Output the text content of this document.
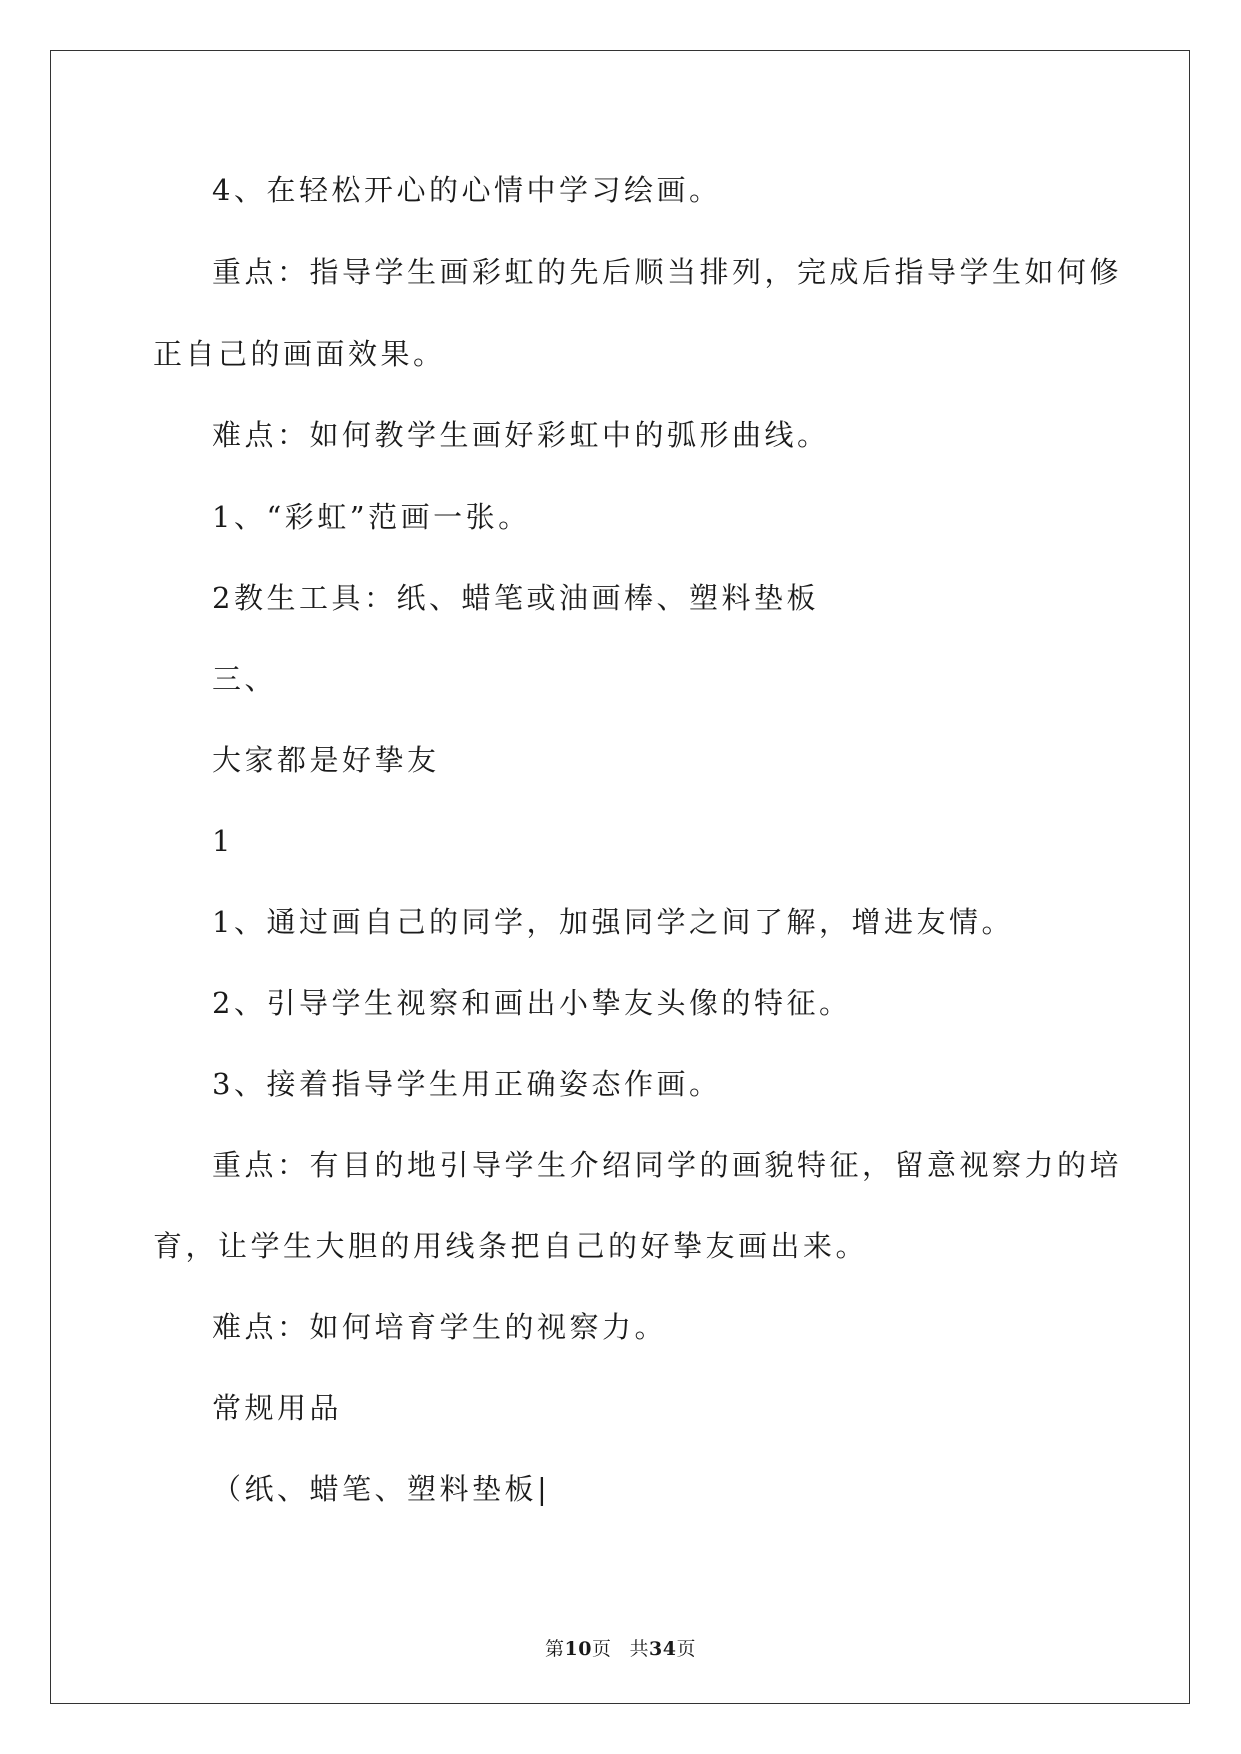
4、在轻松开心的心情中学习绘画。
重点：指导学生画彩虹的先后顺当排列，完成后指导学生如何修
正自己的画面效果。
难点：如何教学生画好彩虹中的弧形曲线。
1、“彩虹”范画一张。
2教生工具：纸、蜡笔或油画棒、塑料垫板
三、
大家都是好挚友
1
1、通过画自己的同学，加强同学之间了解，增进友情。
2、引导学生视察和画出小挚友头像的特征。
3、接着指导学生用正确姿态作画。
重点：有目的地引导学生介绍同学的画貌特征，留意视察力的培
育，让学生大胆的用线条把自己的好挚友画出来。
难点：如何培育学生的视察力。
常规用品
（纸、蜡笔、塑料垫板|
第10页 共34页
